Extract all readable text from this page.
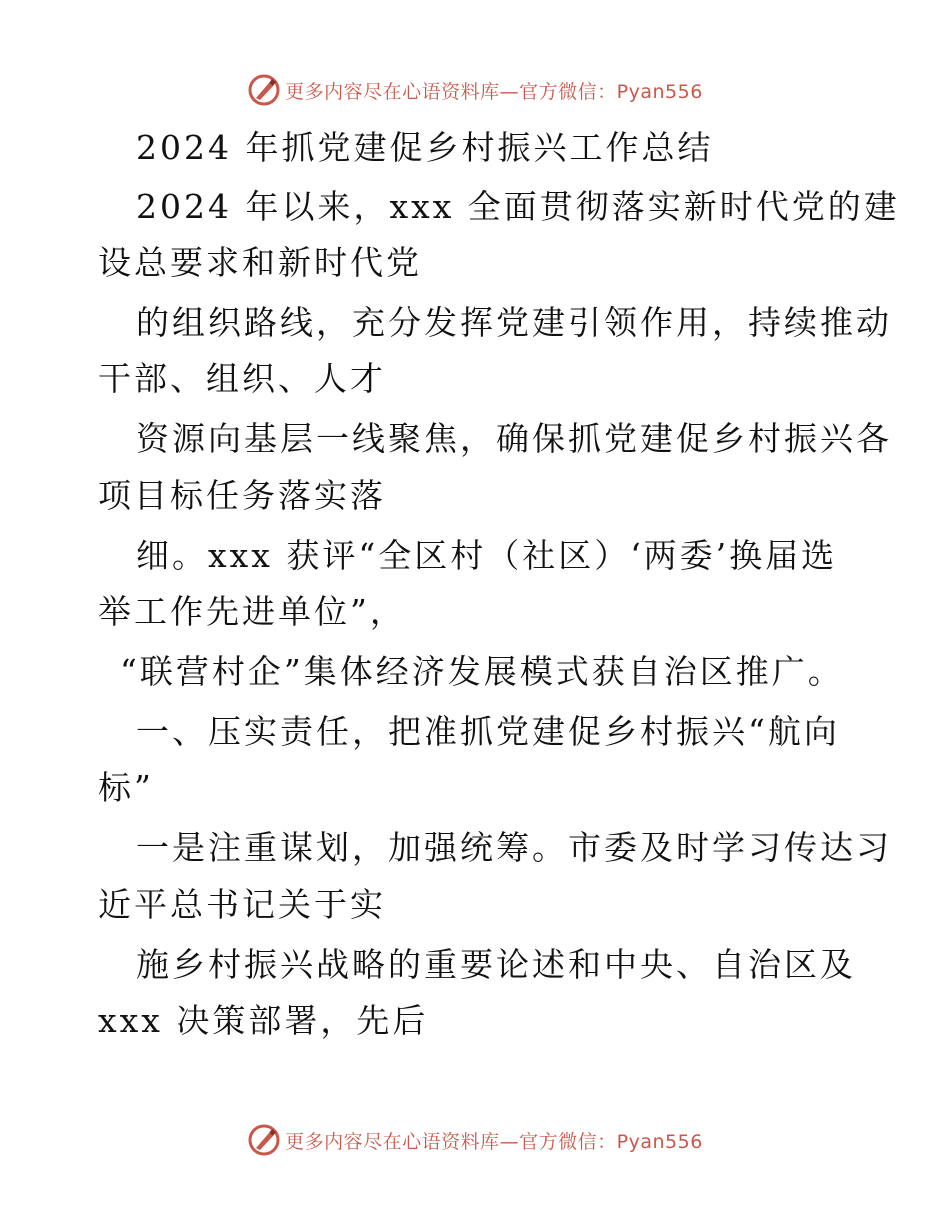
更多内容尽在心语资料库—官方微信：Pyan556
2024 年抓党建促乡村振兴工作总结
2024 年以来，xxx 全面贯彻落实新时代党的建
设总要求和新时代党
的组织路线，充分发挥党建引领作用，持续推动
干部、组织、人才
资源向基层一线聚焦，确保抓党建促乡村振兴各
项目标任务落实落
细。xxx 获评“全区村（社区）‘两委’换届选
举工作先进单位”，
“联营村企”集体经济发展模式获自治区推广。
一、压实责任，把准抓党建促乡村振兴“航向
标”
一是注重谋划，加强统筹。市委及时学习传达习
近平总书记关于实
施乡村振兴战略的重要论述和中央、自治区及
xxx 决策部署，先后
更多内容尽在心语资料库—官方微信：Pyan556
